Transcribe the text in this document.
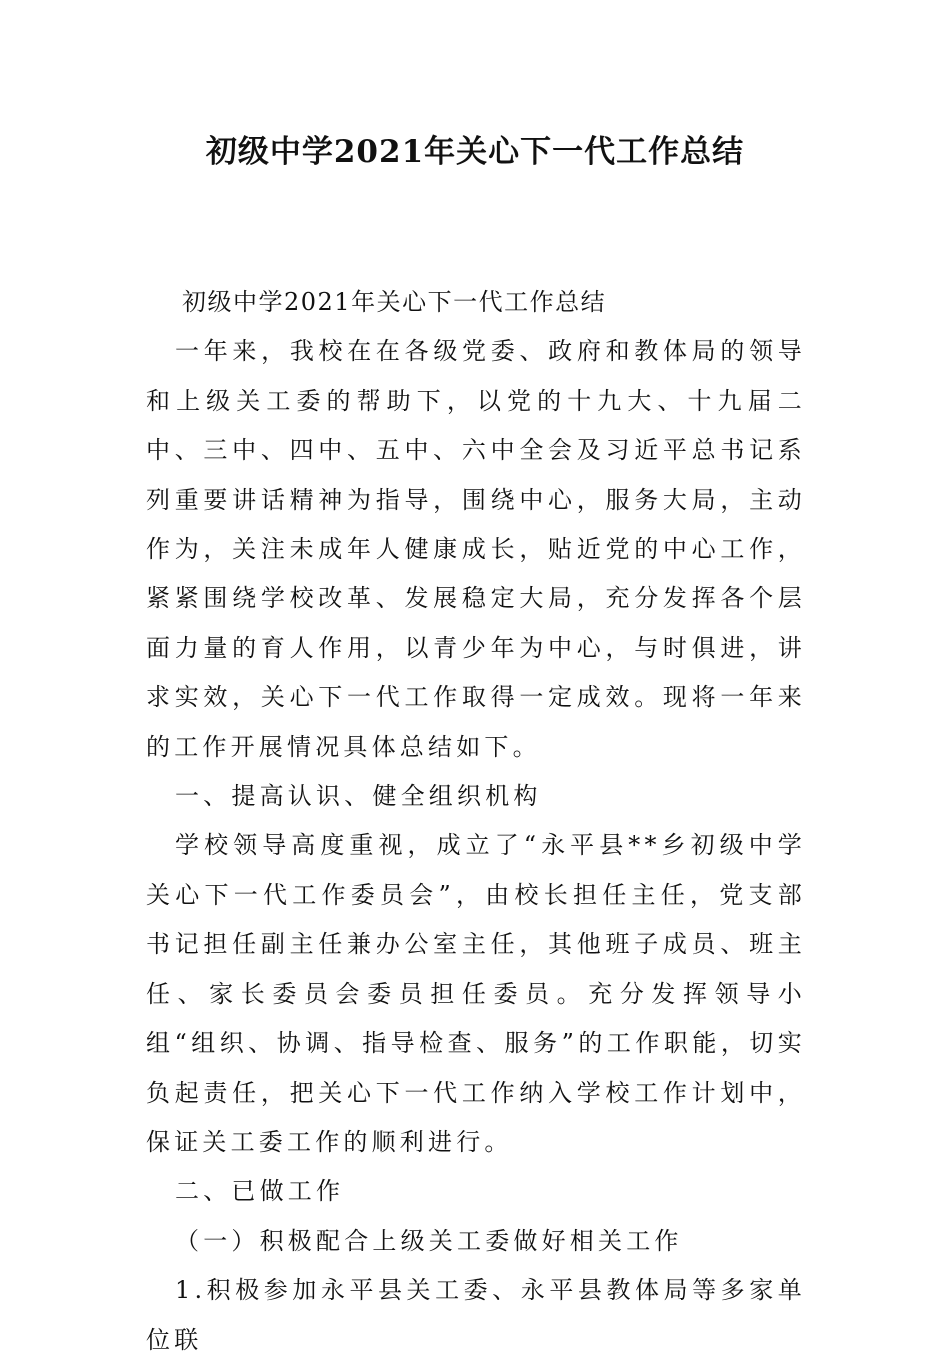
初级中学2021年关心下一代工作总结

初级中学2021年关心下一代工作总结

一年来，我校在在各级党委、政府和教体局的领导和上级关工委的帮助下，以党的十九大、十九届二中、三中、四中、五中、六中全会及习近平总书记系列重要讲话精神为指导，围绕中心，服务大局，主动作为，关注未成年人健康成长，贴近党的中心工作，紧紧围绕学校改革、发展稳定大局，充分发挥各个层面力量的育人作用，以青少年为中心，与时俱进，讲求实效，关心下一代工作取得一定成效。现将一年来的工作开展情况具体总结如下。

一、提高认识、健全组织机构

学校领导高度重视，成立了“永平县**乡初级中学关心下一代工作委员会”，由校长担任主任，党支部书记担任副主任兼办公室主任，其他班子成员、班主任、家长委员会委员担任委员。充分发挥领导小组“组织、协调、指导检查、服务”的工作职能，切实负起责任，把关心下一代工作纳入学校工作计划中，保证关工委工作的顺利进行。

二、已做工作

（一）积极配合上级关工委做好相关工作

1.积极参加永平县关工委、永平县教体局等多家单位联
